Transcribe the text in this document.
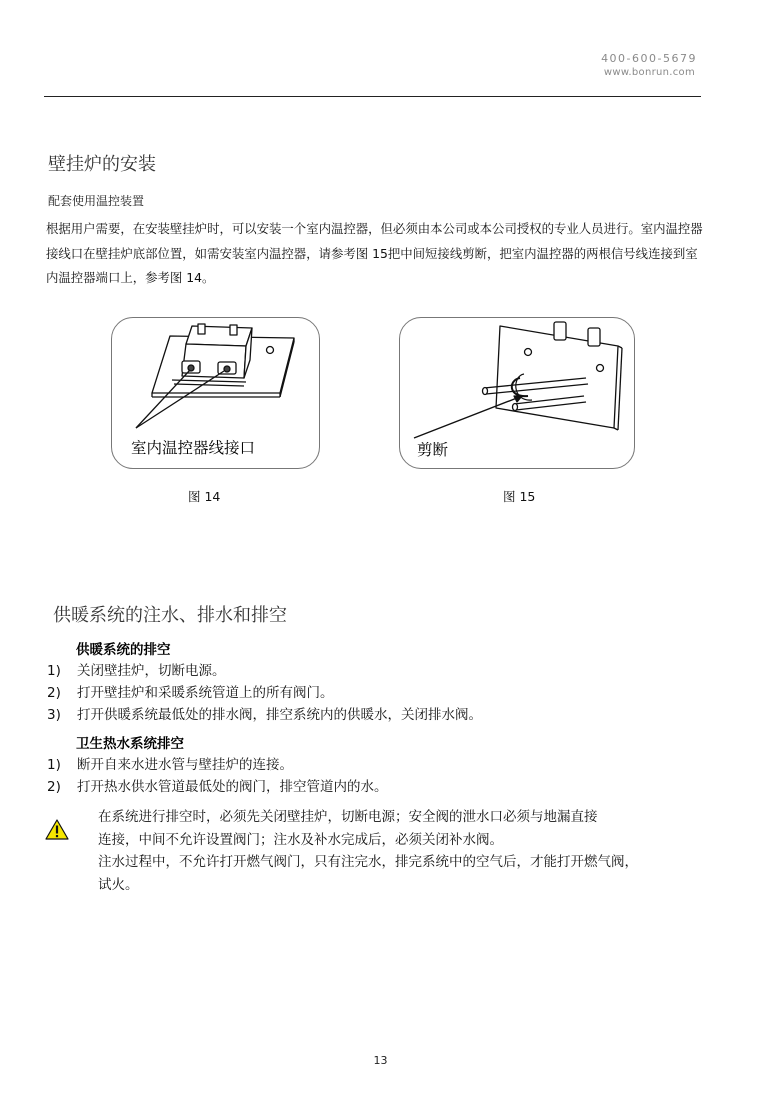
400-600-5679
www.bonrun.com
壁挂炉的安装
配套使用温控装置
根据用户需要，在安装壁挂炉时，可以安装一个室内温控器，但必须由本公司或本公司授权的专业人员进行。室内温控器接线口在壁挂炉底部位置，如需安装室内温控器，请参考图 15把中间短接线剪断，把室内温控器的两根信号线连接到室内温控器端口上，参考图 14。
室内温控器线接口	剪断
图 14	图 15
供暖系统的注水、排水和排空
供暖系统的排空
1) 关闭壁挂炉，切断电源。
2) 打开壁挂炉和采暖系统管道上的所有阀门。
3) 打开供暖系统最低处的排水阀，排空系统内的供暖水，关闭排水阀。
卫生热水系统排空
1) 断开自来水进水管与壁挂炉的连接。
2) 打开热水供水管道最低处的阀门，排空管道内的水。
在系统进行排空时，必须先关闭壁挂炉，切断电源；安全阀的泄水口必须与地漏直接
连接，中间不允许设置阀门；注水及补水完成后，必须关闭补水阀。
注水过程中，不允许打开燃气阀门，只有注完水，排完系统中的空气后，才能打开燃气阀，
试火。
13
